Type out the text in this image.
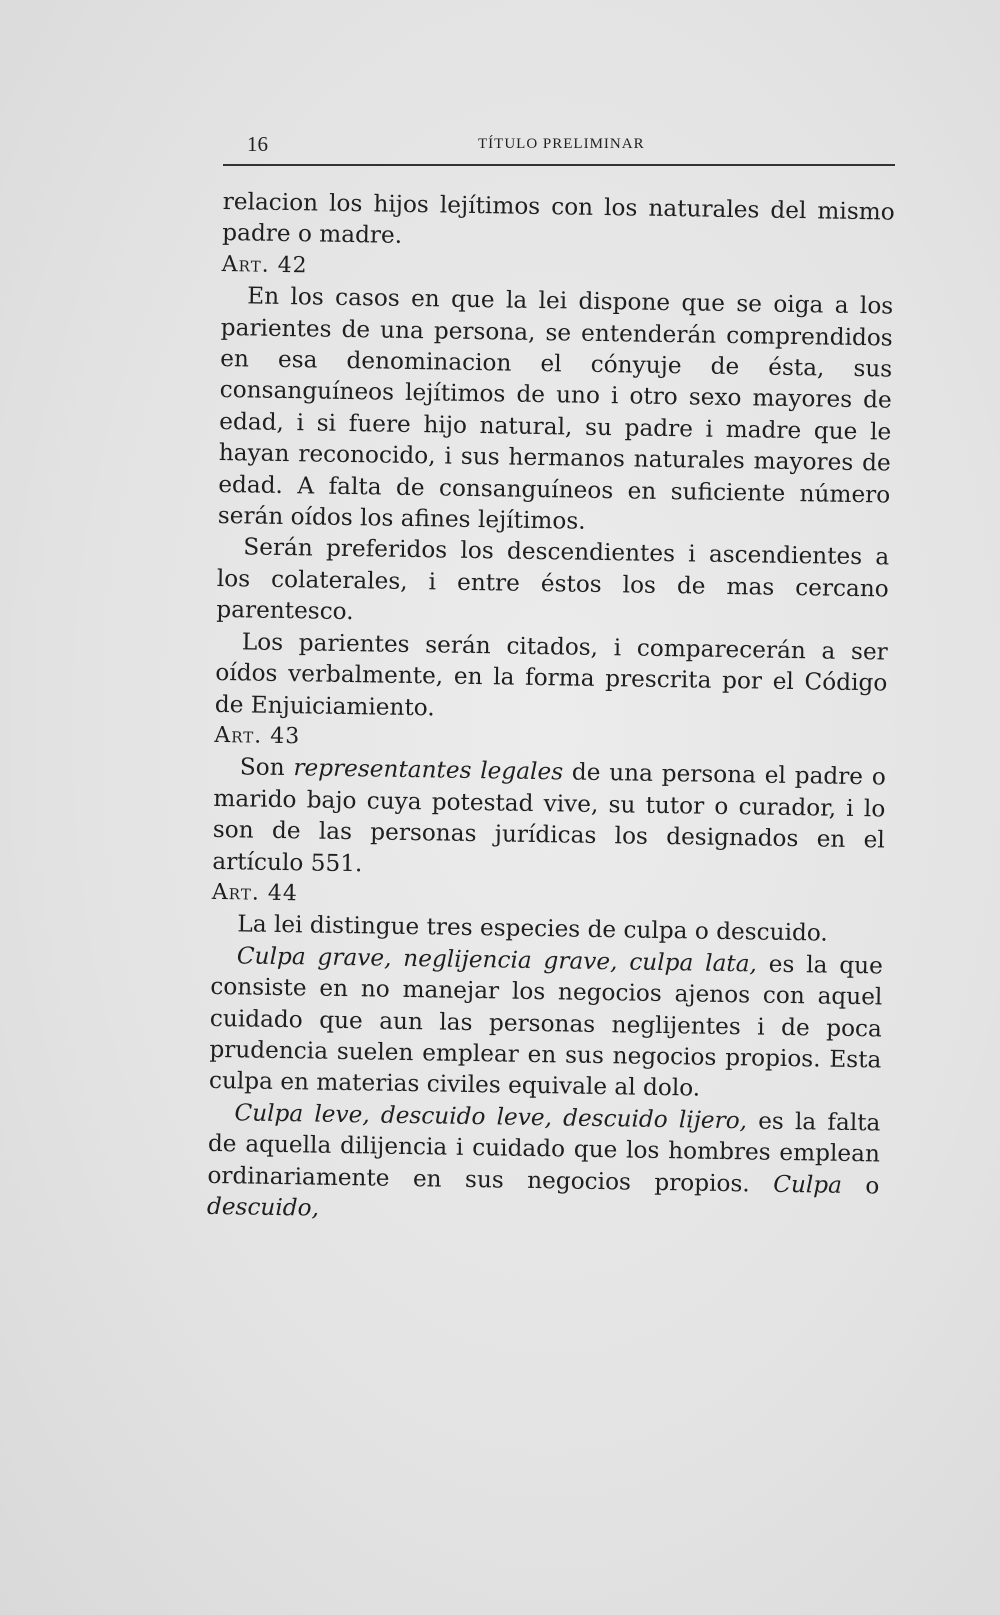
16	TÍTULO PRELIMINAR

relacion los hijos lejítimos con los naturales del mismo padre o madre.

Art. 42

En los casos en que la lei dispone que se oiga a los parientes de una persona, se entenderán comprendidos en esa denominacion el cónyuje de ésta, sus consanguíneos lejítimos de uno i otro sexo mayores de edad, i si fuere hijo natural, su padre i madre que le hayan reconocido, i sus hermanos naturales mayores de edad. A falta de consanguíneos en suficiente número serán oídos los afines lejítimos.

Serán preferidos los descendientes i ascendientes a los colaterales, i entre éstos los de mas cercano parentesco.

Los parientes serán citados, i comparecerán a ser oídos verbalmente, en la forma prescrita por el Código de Enjuiciamiento.

Art. 43

Son representantes legales de una persona el padre o marido bajo cuya potestad vive, su tutor o curador, i lo son de las personas jurídicas los designados en el artículo 551.

Art. 44

La lei distingue tres especies de culpa o descuido.

Culpa grave, neglijencia grave, culpa lata, es la que consiste en no manejar los negocios ajenos con aquel cuidado que aun las personas neglijentes i de poca prudencia suelen emplear en sus negocios propios. Esta culpa en materias civiles equivale al dolo.

Culpa leve, descuido leve, descuido lijero, es la falta de aquella dilijencia i cuidado que los hombres emplean ordinariamente en sus negocios propios. Culpa o descuido,
